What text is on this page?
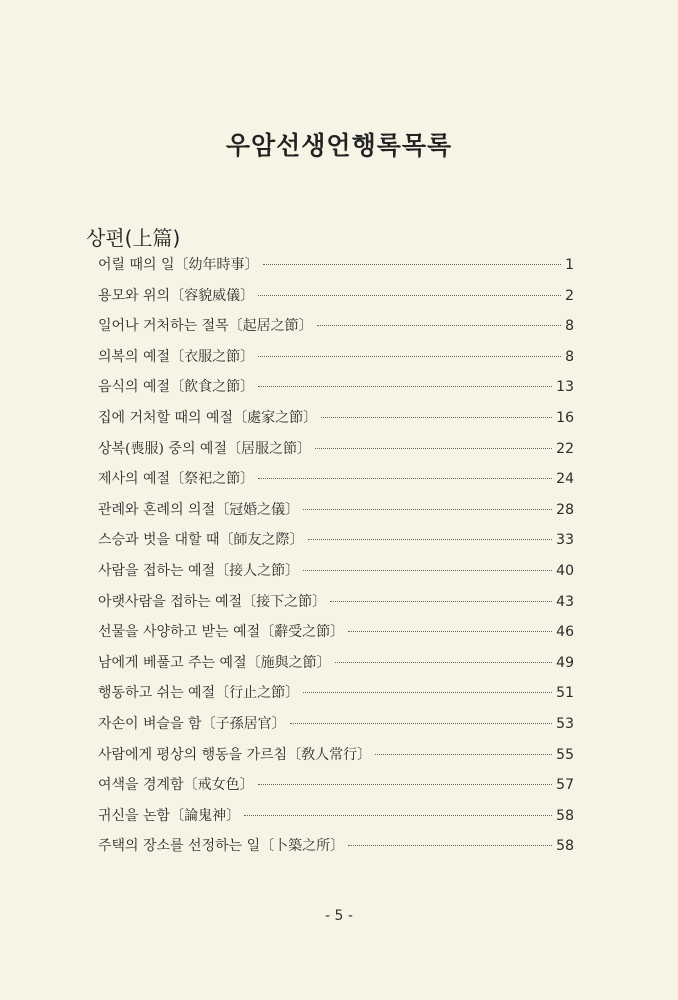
우암선생언행록목록
상편(上篇)
어릴 때의 일〔幼年時事〕	1
용모와 위의〔容貌威儀〕	2
일어나 거처하는 절목〔起居之節〕	8
의복의 예절〔衣服之節〕	8
음식의 예절〔飮食之節〕	13
집에 거처할 때의 예절〔處家之節〕	16
상복(喪服) 중의 예절〔居服之節〕	22
제사의 예절〔祭祀之節〕	24
관례와 혼례의 의절〔冠婚之儀〕	28
스승과 벗을 대할 때〔師友之際〕	33
사람을 접하는 예절〔接人之節〕	40
아랫사람을 접하는 예절〔接下之節〕	43
선물을 사양하고 받는 예절〔辭受之節〕	46
남에게 베풀고 주는 예절〔施與之節〕	49
행동하고 쉬는 예절〔行止之節〕	51
자손이 벼슬을 함〔子孫居官〕	53
사람에게 평상의 행동을 가르침〔敎人常行〕	55
여색을 경계함〔戒女色〕	57
귀신을 논함〔論鬼神〕	58
주택의 장소를 선정하는 일〔卜築之所〕	58
- 5 -
